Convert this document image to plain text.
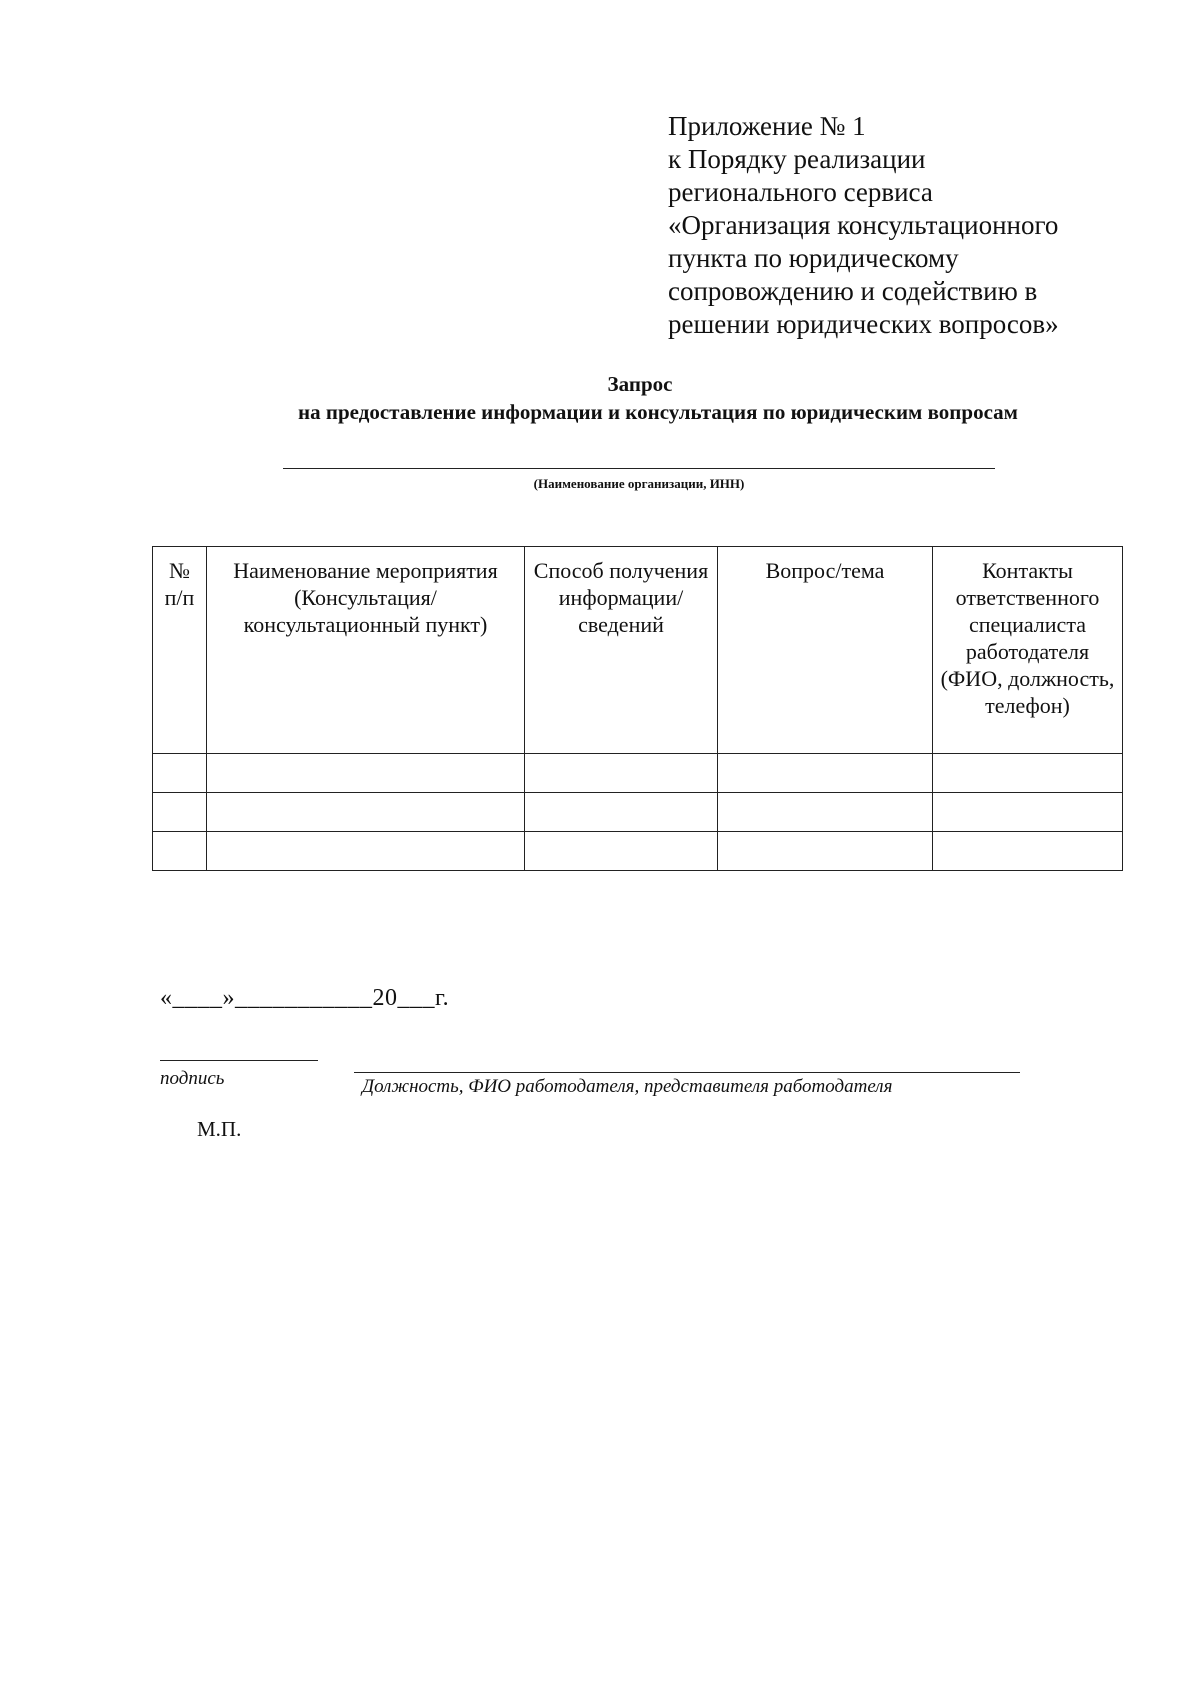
Приложение № 1
к Порядку реализации
регионального сервиса
«Организация консультационного
пункта по юридическому
сопровождению и содействию в
решении юридических вопросов»
Запрос
на предоставление информации и консультация по юридическим вопросам
(Наименование организации, ИНН)
№ п/п	Наименование мероприятия (Консультация/консультационный пункт)	Способ получения информации/ сведений	Вопрос/тема	Контакты ответственного специалиста работодателя (ФИО, должность, телефон)

«____»___________20___г.
подпись	Должность, ФИО работодателя, представителя работодателя
М.П.
